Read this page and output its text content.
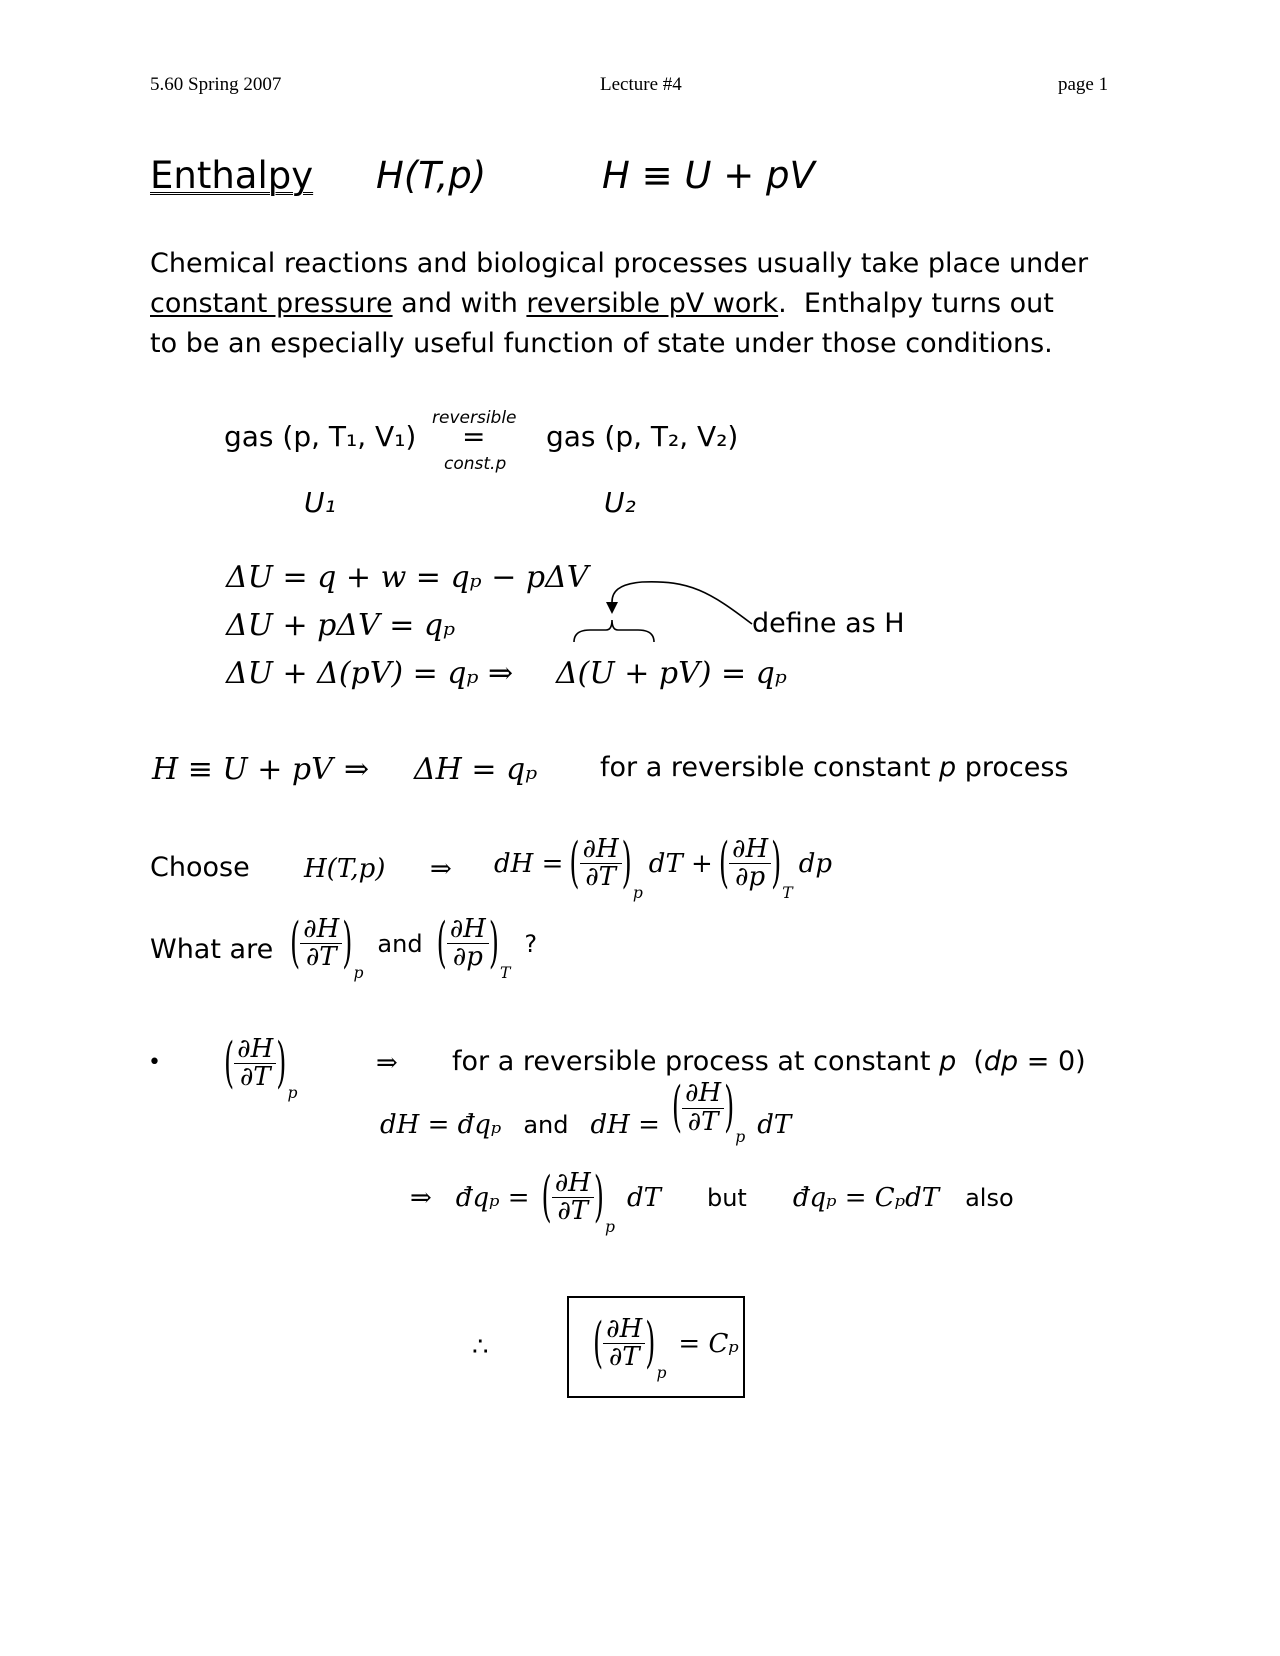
5.60 Spring 2007	Lecture #4	page 1
Enthalpy H(T,p)	H ≡ U + pV
Chemical reactions and biological processes usually take place under
constant pressure and with reversible pV work.  Enthalpy turns out
to be an especially useful function of state under those conditions.
gas (p, T₁, V₁)
reversible
=
const.p
gas (p, T₂, V₂)
U₁	U₂
ΔU = q + w = qₚ − pΔV
ΔU + pΔV = qₚ
ΔU + Δ(pV) = qₚ ⇒ Δ(U + pV) = qₚ
define as H
H ≡ U + pV ⇒ ΔH = qₚ for a reversible constant p process
Choose H(T,p) ⇒ dH = ( $\frac{\partial H}{\partial T}$ ) p
dT + ( $\frac{\partial H}{\partial p}$ ) T
dp
What are ( $\frac{\partial H}{\partial T}$ ) p
and ( $\frac{\partial H}{\partial p}$ ) T
?
• ( $\frac{\partial H}{\partial T}$ ) p
⇒ for a reversible process at constant p  (dp = 0)
dH = đqₚ and dH = ( $\frac{\partial H}{\partial T}$ ) p dT
⇒ đqₚ = ( $\frac{\partial H}{\partial T}$ ) p
dT but đqₚ = CₚdT also
∴	( $\frac{\partial H}{\partial T}$ ) p
= Cₚ
